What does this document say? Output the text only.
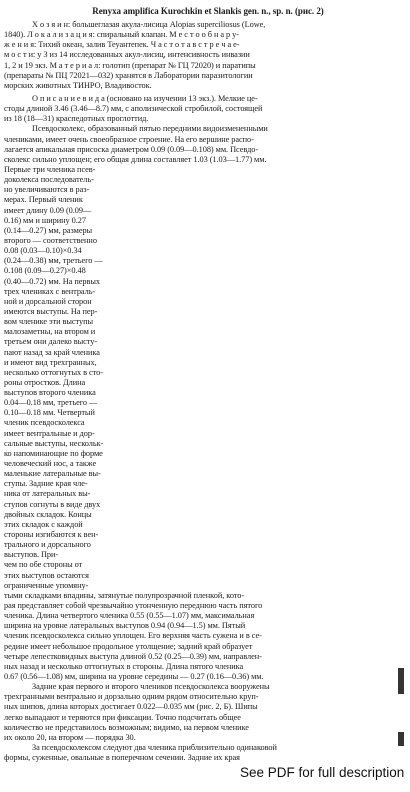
Renyxa amplifica Kurochkin et Slankis gen. n., sp. n. (рис. 2)
Х о з я и н: большеглазая акула-лисица Alopias superciliosus (Lowe,
1840). Л о к а л и з а ц и я: спиральный клапан. М е с т о о б н а р у-
ж е н и я: Тихий океан, залив Теуантепек. Ч а с т о т а в с т р е ч а е-
м о с т и: у 3 из 14 исследованных акул-лисиц, интенсивность инвазии
1, 2 и 19 экз. М а т е р и а л: голотип (препарат № ГЦ 72020) и паратипы
(препараты № ПЦ 72021—032) хранятся в Лаборатории паразитологии
морских животных ТИНРО, Владивосток.
О п и с а н и е в и д а (основано на изучении 13 экз.). Мелкие це-
стоды длиной 3.46 (3.46—8.7) мм, с аполизической стробилой, состоящей
из 18 (18—31) краспедотных проглоттид.
Псевдосколекс, образованный пятью передними видоизмененными
члениками, имеет очень своеобразное строение. На его вершине распо-
лагается апикальная присоска диаметром 0.09 (0.09—0.108) мм. Псевдо-
сколекс сильно уплощен; его общая длина составляет 1.03 (1.03—1.77) мм.
Первые три членика псев-
доколекса последователь-
но увеличиваются в раз-
мерах. Первый членик
имеет длину 0.09 (0.09—
0.16) мм и ширину 0.27
(0.14—0.27) мм, размеры
второго — соответственно
0.08 (0.03—0.10)×0.34
(0.24—0.38) мм, третьего —
0.108 (0.09—0.27)×0.48
(0.40—0.72) мм. На первых
трех члениках с вентраль-
ной и дорсальной сторон
имеются выступы. На пер-
вом членике эти выступы
малозаметны, на втором и
третьем они далеко высту-
пают назад за край членика
и имеют вид трехгранных,
несколько оттогнутых в сто-
роны отростков. Длина
выступов второго членика
0.04—0.18 мм, третьего —
0.10—0.18 мм. Четвертый
членик псевдосколекса
имеет вентральные и дор-
сальные выступы, нескольк-
ко напоминающие по форме
человеческий нос, а также
маленькие латеральные вы-
ступы. Задние края чле-
ника от латеральных вы-
ступов согнуты в виде двух
двойных складок. Концы
этих складок с каждой
стороны изгибаются к вен-
трального и дорсального
выступов. При-
чем по обе стороны от
этих выступов остаются
ограниченные упомяну-
тыми складками впадины, затянутые полупрозрачной пленкой, кото-
рая представляет собой чрезвычайно утонченную переднюю часть пятого
членика. Длина четвертого членика 0.55 (0.55—1.07) мм, максимальная
ширина на уровне латеральных выступов 0.94 (0.94—1.5) мм. Пятый
членик псевдосколекса сильно уплощен. Его верхняя часть сужена и в се-
редине имеет небольшое продольное утолщение; задний край образует
четыре лепестковидных выступа длиной 0.52 (0.25—0.39) мм, направлен-
ных назад и несколько оттогнутых в стороны. Длина пятого членика
0.67 (0.56—1.08) мм, ширина на уровне середины — 0.27 (0.16—0.36) мм.
Задние края первого и второго члеников псевдосколекса вооружены
трехгранными вентрально и дорзально одним рядом относительно круп-
ных шипов, длина которых достигает 0.022—0.035 мм (рис. 2, Б). Шипы
легко выпадают и теряются при фиксации. Точно подсчитать общее
количество не представилось возможным; видимо, на первом членике
их около 20, на втором — порядка 30.
За псевдосколексом следуют два членика приблизительно одинаковой
формы, суженные, овальные в поперечном сечении. Задние их края
See PDF for full description
